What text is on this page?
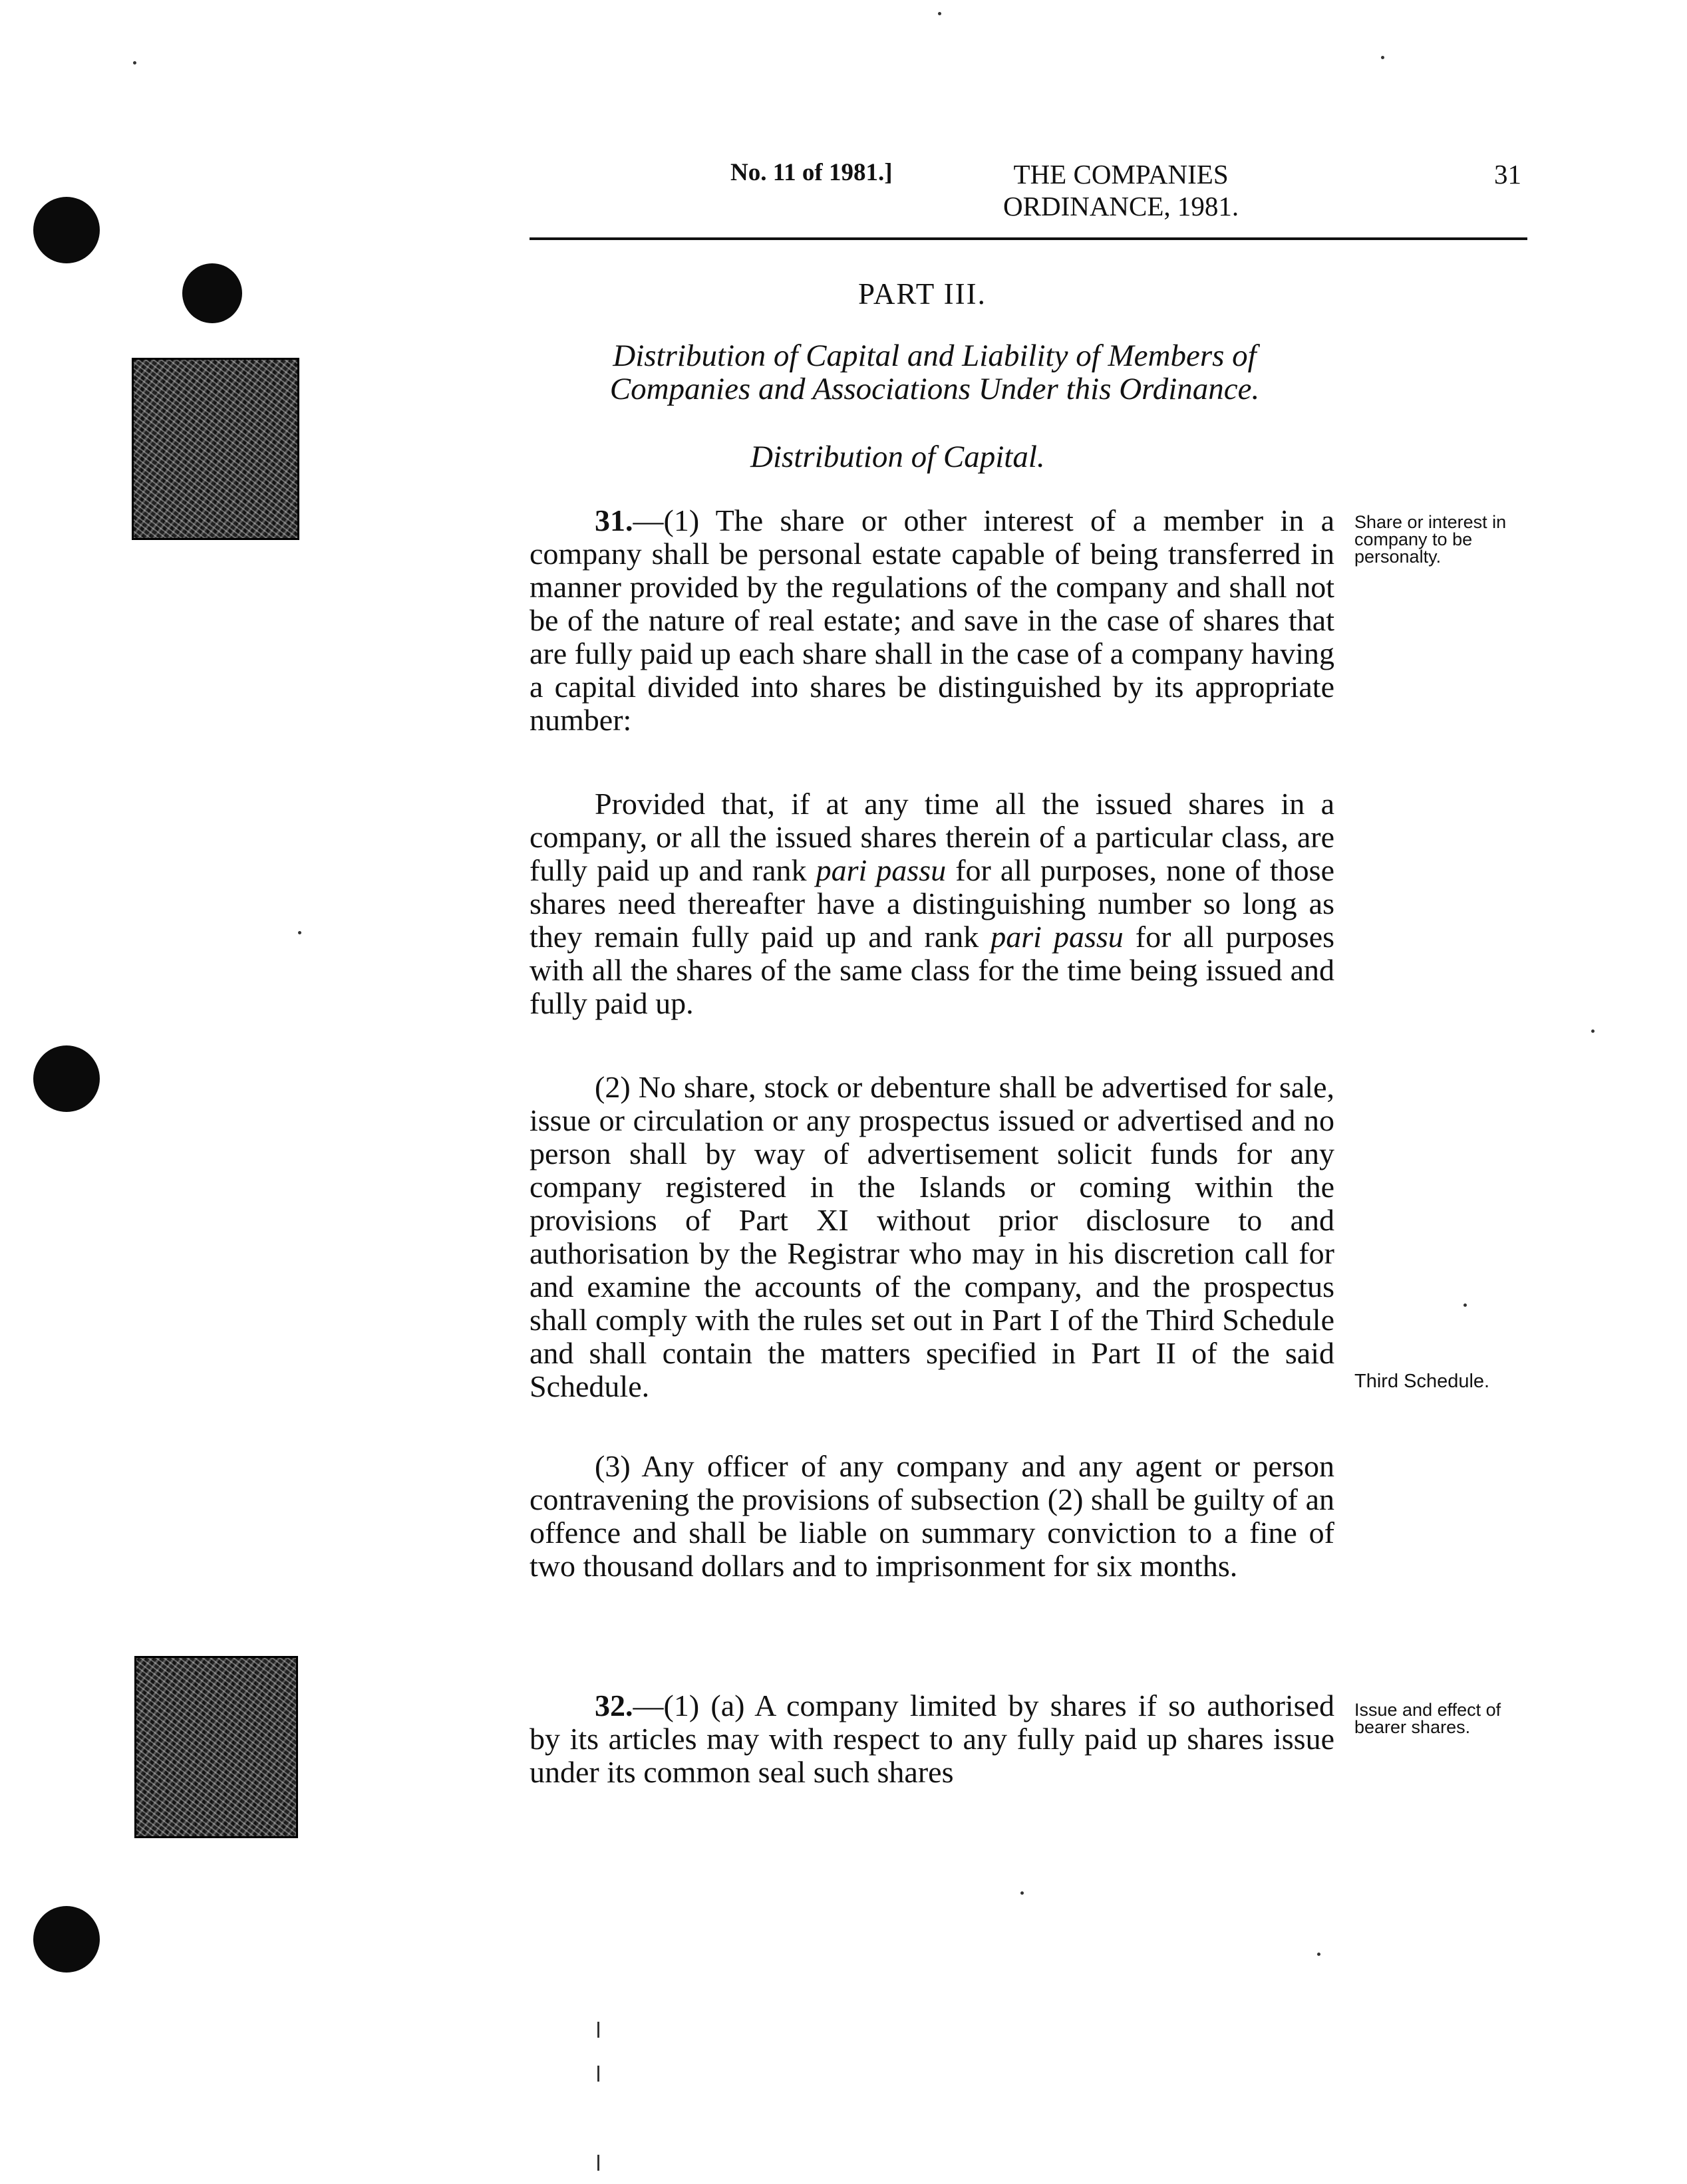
No. 11 of 1981.]	THE COMPANIES
ORDINANCE, 1981.
31
PART III.
Distribution of Capital and Liability of Members of
Companies and Associations Under this Ordinance.
Distribution of Capital.

31.—(1) The share or other interest of a member in a company shall be personal estate capable of being transferred in manner provided by the regulations of the company and shall not be of the nature of real estate; and save in the case of shares that are fully paid up each share shall in the case of a company having a capital divided into shares be distinguished by its appropriate number:

Provided that, if at any time all the issued shares in a company, or all the issued shares therein of a particular class, are fully paid up and rank pari passu for all purposes, none of those shares need thereafter have a distinguishing number so long as they remain fully paid up and rank pari passu for all purposes with all the shares of the same class for the time being issued and fully paid up.

(2) No share, stock or debenture shall be advertised for sale, issue or circulation or any prospectus issued or advertised and no person shall by way of advertisement solicit funds for any company registered in the Islands or coming within the provisions of Part XI without prior disclosure to and authorisation by the Registrar who may in his discretion call for and examine the accounts of the company, and the prospectus shall comply with the rules set out in Part I of the Third Schedule and shall contain the matters specified in Part II of the said Schedule.

(3) Any officer of any company and any agent or person contravening the provisions of subsection (2) shall be guilty of an offence and shall be liable on summary conviction to a fine of two thousand dollars and to imprisonment for six months.

32.—(1) (a) A company limited by shares if so authorised by its articles may with respect to any fully paid up shares issue under its common seal such shares

Share or interest in company to be personalty.
Third Schedule.
Issue and effect of bearer shares.
